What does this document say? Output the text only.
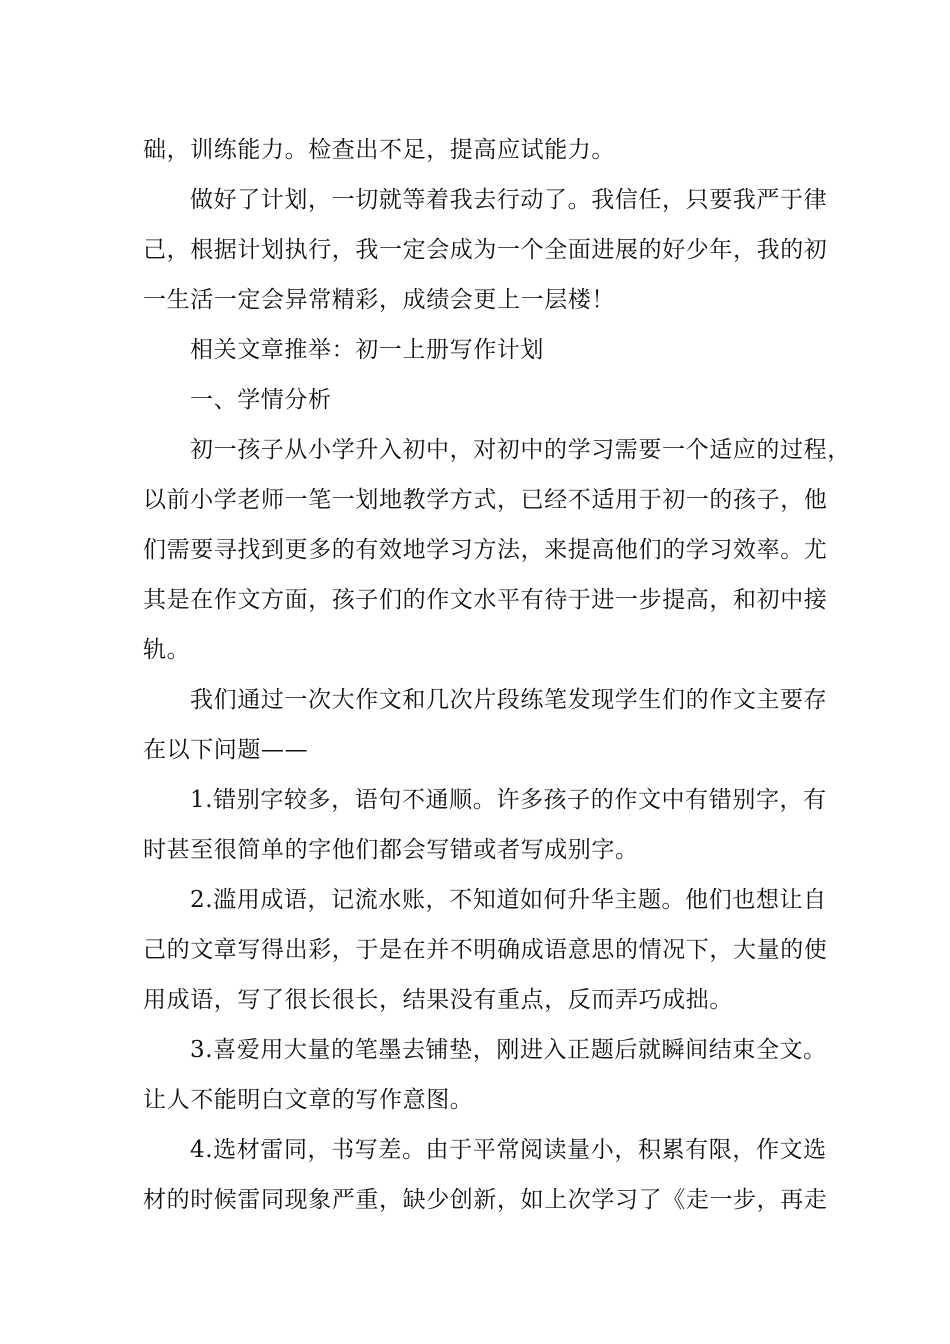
础，训练能力。检查出不足，提高应试能力。

做好了计划，一切就等着我去行动了。我信任，只要我严于律

己，根据计划执行，我一定会成为一个全面进展的好少年，我的初

一生活一定会异常精彩，成绩会更上一层楼！

相关文章推举：初一上册写作计划

一、学情分析

初一孩子从小学升入初中，对初中的学习需要一个适应的过程，

以前小学老师一笔一划地教学方式，已经不适用于初一的孩子，他

们需要寻找到更多的有效地学习方法，来提高他们的学习效率。尤

其是在作文方面，孩子们的作文水平有待于进一步提高，和初中接

轨。

我们通过一次大作文和几次片段练笔发现学生们的作文主要存

在以下问题——

1.错别字较多，语句不通顺。许多孩子的作文中有错别字，有

时甚至很简单的字他们都会写错或者写成别字。

2.滥用成语，记流水账，不知道如何升华主题。他们也想让自

己的文章写得出彩，于是在并不明确成语意思的情况下，大量的使

用成语，写了很长很长，结果没有重点，反而弄巧成拙。

3.喜爱用大量的笔墨去铺垫，刚进入正题后就瞬间结束全文。

让人不能明白文章的写作意图。

4.选材雷同，书写差。由于平常阅读量小，积累有限，作文选

材的时候雷同现象严重，缺少创新，如上次学习了《走一步，再走
